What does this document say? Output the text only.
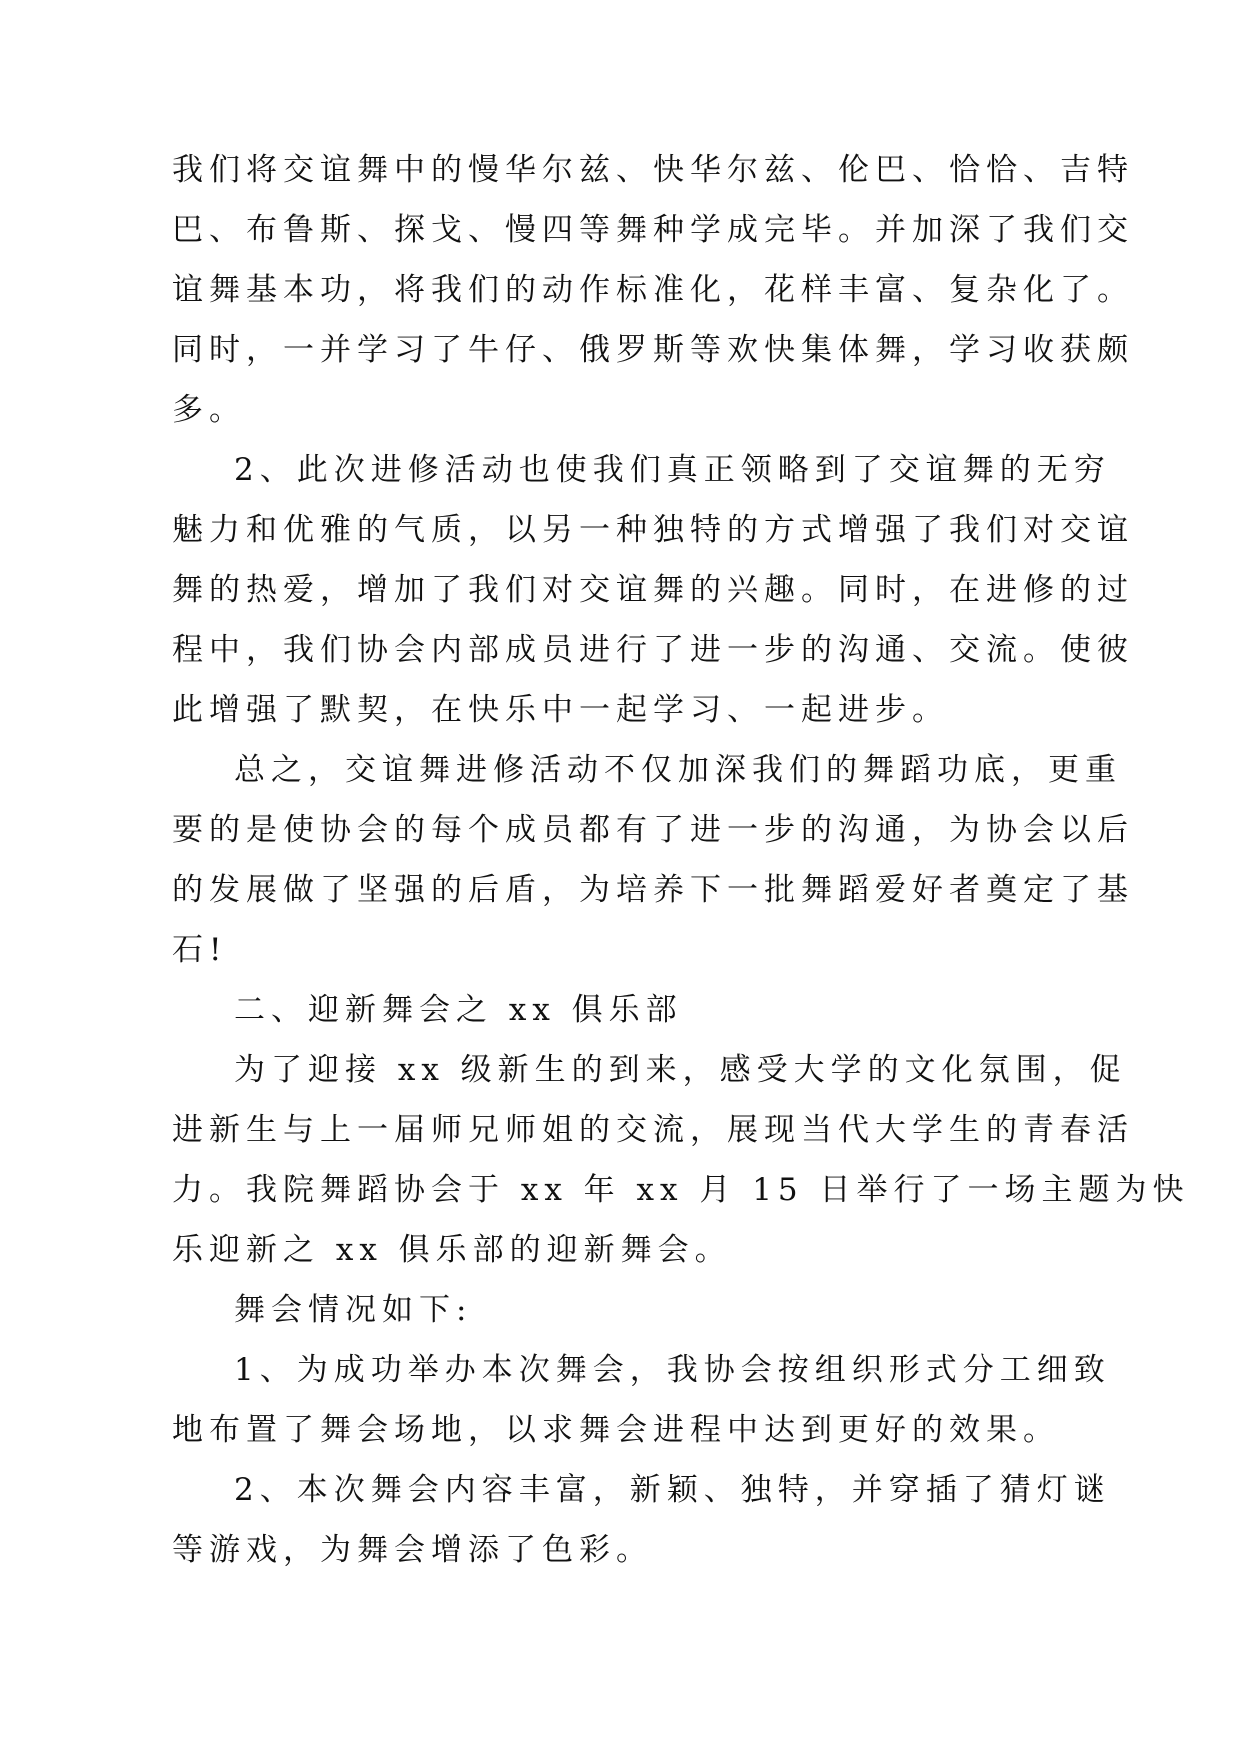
我们将交谊舞中的慢华尔兹、快华尔兹、伦巴、恰恰、吉特
巴、布鲁斯、探戈、慢四等舞种学成完毕。并加深了我们交
谊舞基本功，将我们的动作标准化，花样丰富、复杂化了。
同时，一并学习了牛仔、俄罗斯等欢快集体舞，学习收获颇
多。
2、此次进修活动也使我们真正领略到了交谊舞的无穷
魅力和优雅的气质，以另一种独特的方式增强了我们对交谊
舞的热爱，增加了我们对交谊舞的兴趣。同时，在进修的过
程中，我们协会内部成员进行了进一步的沟通、交流。使彼
此增强了默契，在快乐中一起学习、一起进步。
总之，交谊舞进修活动不仅加深我们的舞蹈功底，更重
要的是使协会的每个成员都有了进一步的沟通，为协会以后
的发展做了坚强的后盾，为培养下一批舞蹈爱好者奠定了基
石!
二、迎新舞会之 xx 俱乐部
为了迎接 xx 级新生的到来，感受大学的文化氛围，促
进新生与上一届师兄师姐的交流，展现当代大学生的青春活
力。我院舞蹈协会于 xx 年 xx 月 15 日举行了一场主题为快
乐迎新之 xx 俱乐部的迎新舞会。
舞会情况如下:
1、为成功举办本次舞会，我协会按组织形式分工细致
地布置了舞会场地，以求舞会进程中达到更好的效果。
2、本次舞会内容丰富，新颖、独特，并穿插了猜灯谜
等游戏，为舞会增添了色彩。
